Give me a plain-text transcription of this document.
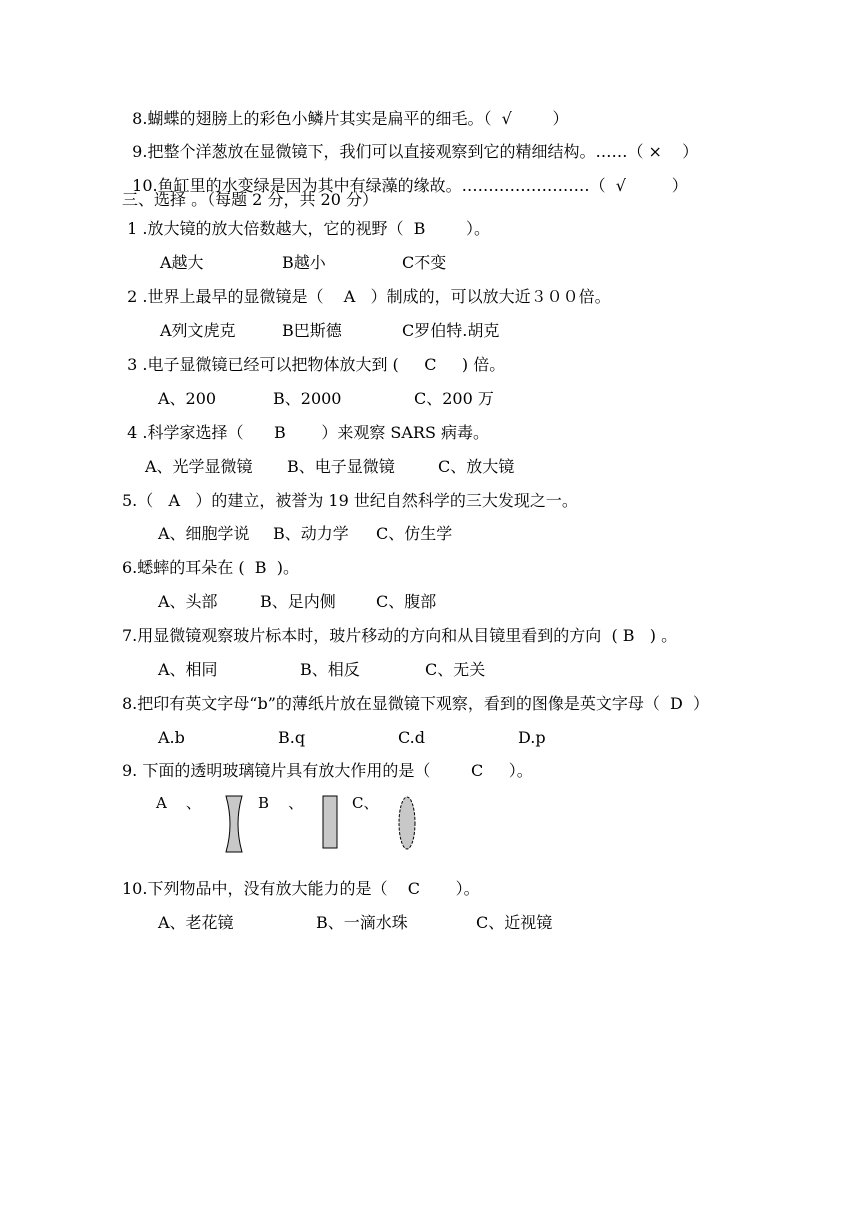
8.蝴蝶的翅膀上的彩色小鳞片其实是扁平的细毛。（  √        ）

9.把整个洋葱放在显微镜下，我们可以直接观察到它的精细结构。……（ ×    ）

10.鱼缸里的水变绿是因为其中有绿藻的缘故。……………………（  √         ）

三、选择 。（每题 2 分，共 20 分）
1 .放大镜的放大倍数越大，它的视野（  B        ）。
A越大	B越小	C不变
2 .世界上最早的显微镜是（    A   ）制成的，可以放大近３００倍。
A列文虎克	B巴斯德	C罗伯特.胡克
3 .电子显微镜已经可以把物体放大到 (     C     ) 倍。
A、200	B、2000	C、200 万
4 .科学家选择（      B       ）来观察 SARS 病毒。
A、光学显微镜 B、电子显微镜	C、放大镜
5.（   A   ）的建立，被誉为 19 世纪自然科学的三大发现之一。
A、细胞学说 B、动力学 C、仿生学
6.蟋蟀的耳朵在 (  B  )。
A、头部	B、足内侧	C、腹部
7.用显微镜观察玻片标本时，玻片移动的方向和从目镜里看到的方向  ( B   ) 。
A、相同	B、相反	C、无关
8.把印有英文字母“b”的薄纸片放在显微镜下观察，看到的图像是英文字母（  D  ）
A.b	B.q	C.d	D.p
9. 下面的透明玻璃镜片具有放大作用的是（        C     ）。
A    、	B    、	C、
10.下列物品中，没有放大能力的是（    C       ）。
A、老花镜	B、一滴水珠	C、近视镜
